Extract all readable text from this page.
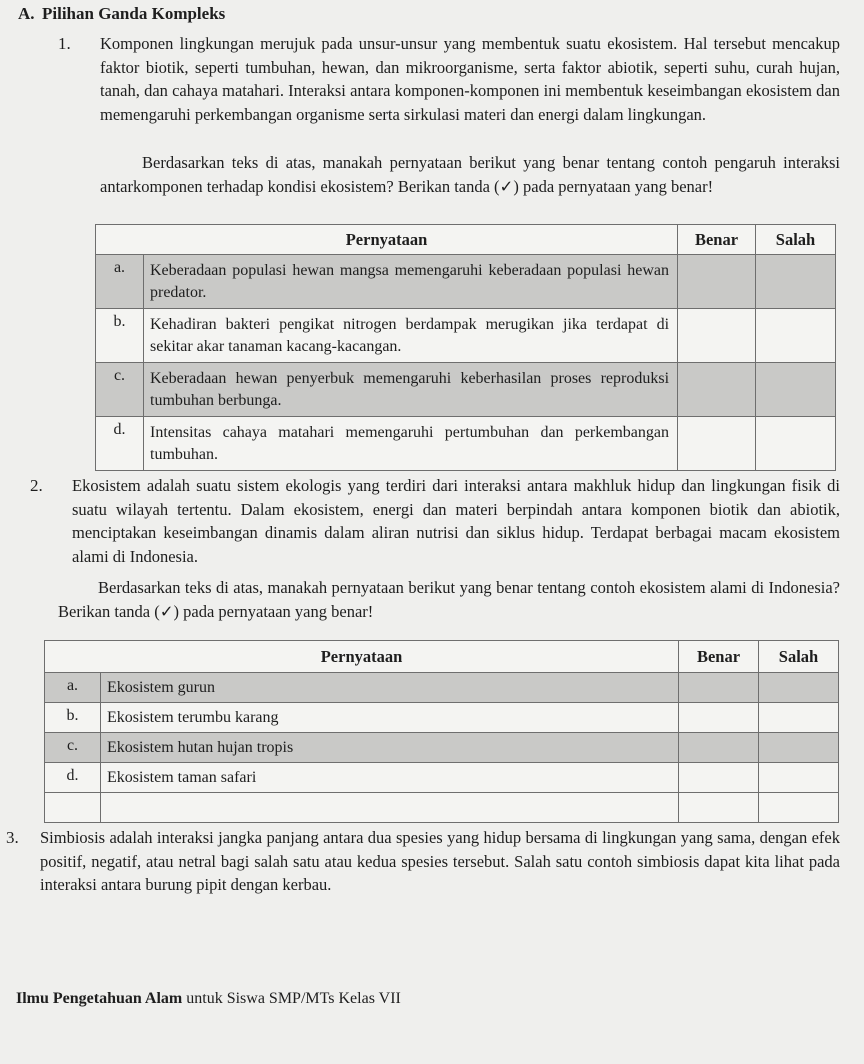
A. Pilihan Ganda Kompleks
1. Komponen lingkungan merujuk pada unsur-unsur yang membentuk suatu ekosistem. Hal tersebut mencakup faktor biotik, seperti tumbuhan, hewan, dan mikroorganisme, serta faktor abiotik, seperti suhu, curah hujan, tanah, dan cahaya matahari. Interaksi antara komponen-komponen ini membentuk keseimbangan ekosistem dan memengaruhi perkembangan organisme serta sirkulasi materi dan energi dalam lingkungan.
Berdasarkan teks di atas, manakah pernyataan berikut yang benar tentang contoh pengaruh interaksi antarkomponen terhadap kondisi ekosistem? Berikan tanda (✓) pada pernyataan yang benar!
Pernyataan		Benar	Salah
a.	Keberadaan populasi hewan mangsa memengaruhi keberadaan populasi hewan predator.		
b.	Kehadiran bakteri pengikat nitrogen berdampak merugikan jika terdapat di sekitar akar tanaman kacang-kacangan.		
c.	Keberadaan hewan penyerbuk memengaruhi keberhasilan proses reproduksi tumbuhan berbunga.		
d.	Intensitas cahaya matahari memengaruhi pertumbuhan dan perkembangan tumbuhan.		
2. Ekosistem adalah suatu sistem ekologis yang terdiri dari interaksi antara makhluk hidup dan lingkungan fisik di suatu wilayah tertentu. Dalam ekosistem, energi dan materi berpindah antara komponen biotik dan abiotik, menciptakan keseimbangan dinamis dalam aliran nutrisi dan siklus hidup. Terdapat berbagai macam ekosistem alami di Indonesia.
Berdasarkan teks di atas, manakah pernyataan berikut yang benar tentang contoh ekosistem alami di Indonesia? Berikan tanda (✓) pada pernyataan yang benar!
Pernyataan		Benar	Salah
a.	Ekosistem gurun		
b.	Ekosistem terumbu karang		
c.	Ekosistem hutan hujan tropis		
d.	Ekosistem taman safari		

3. Simbiosis adalah interaksi jangka panjang antara dua spesies yang hidup bersama di lingkungan yang sama, dengan efek positif, negatif, atau netral bagi salah satu atau kedua spesies tersebut. Salah satu contoh simbiosis dapat kita lihat pada interaksi antara burung pipit dengan kerbau.
Ilmu Pengetahuan Alam untuk Siswa SMP/MTs Kelas VII
